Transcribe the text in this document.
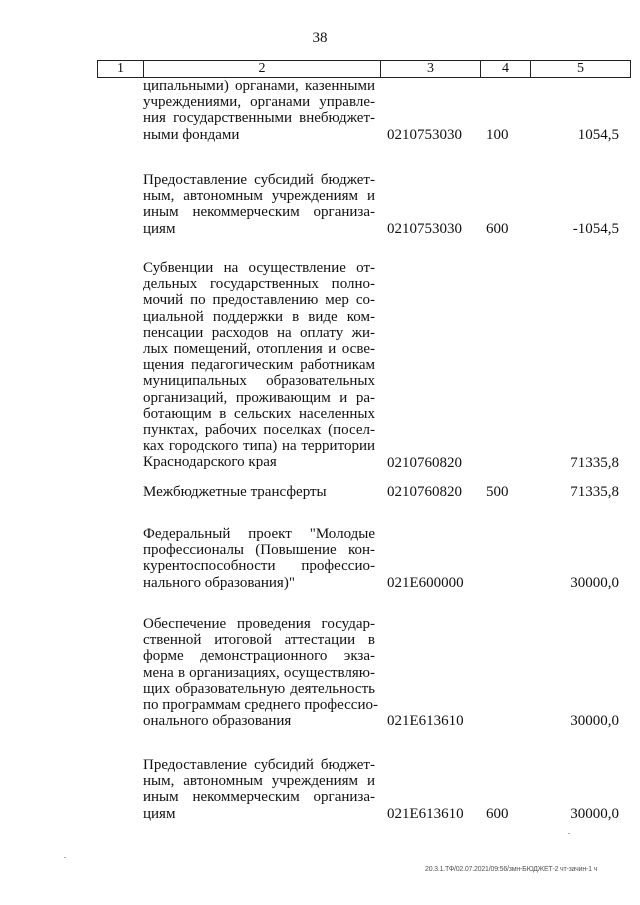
38
1	2	3	4	5
ципальными) органами, казенными
учреждениями, органами управле-
ния государственными внебюджет-
ными фондами	0210753030 100	1054,5
Предоставление субсидий бюджет-
ным, автономным учреждениям и
иным некоммерческим организа-
циям	0210753030 600	-1054,5
Субвенции на осуществление от-
дельных государственных полно-
мочий по предоставлению мер со-
циальной поддержки в виде ком-
пенсации расходов на оплату жи-
лых помещений, отопления и осве-
щения педагогическим работникам
муниципальных образовательных
организаций, проживающим и ра-
ботающим в сельских населенных
пунктах, рабочих поселках (посел-
ках городского типа) на территории
Краснодарского края	0210760820	71335,8
Межбюджетные трансферты	0210760820 500	71335,8
Федеральный проект "Молодые
профессионалы (Повышение кон-
курентоспособности профессио-
нального образования)"	021E600000	30000,0
Обеспечение проведения государ-
ственной итоговой аттестации в
форме демонстрационного экза-
мена в организациях, осуществляю-
щих образовательную деятельность
по программам среднего профессио-
онального образования	021E613610	30000,0
Предоставление субсидий бюджет-
ным, автономным учреждениям и
иным некоммерческим организа-
циям	021E613610 600	30000,0
20.3.1.ТФ/02.07.2021/09:56/змн-БЮДЖЕТ-2 чт-зачин-1 ч
